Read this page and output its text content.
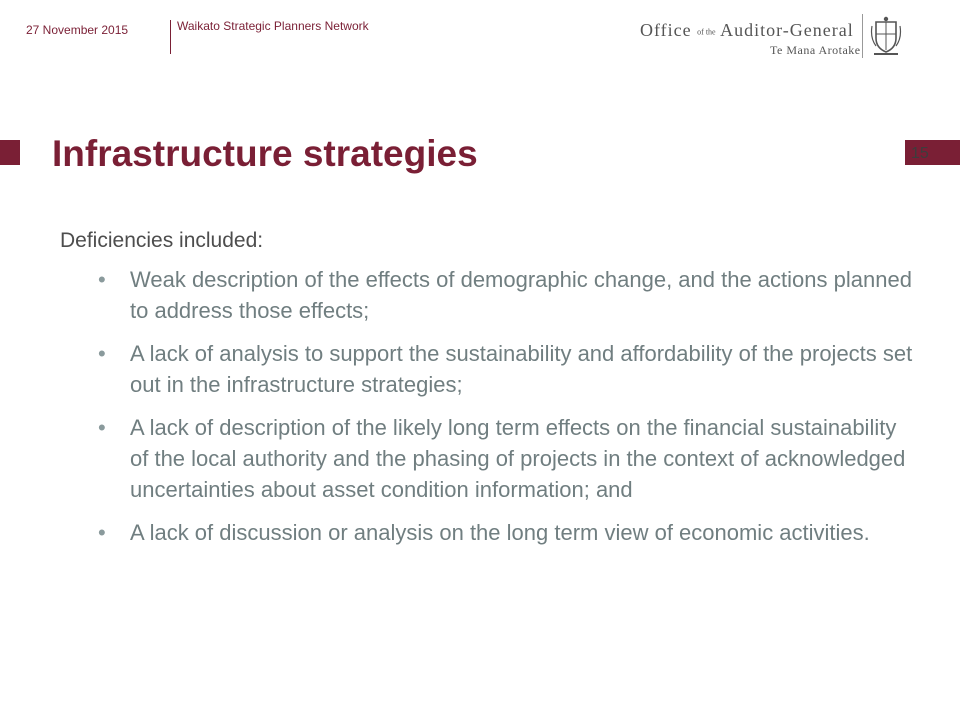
27 November 2015	Waikato Strategic Planners Network	Office of the Auditor-General
Te Mana Arotake
Infrastructure strategies	15

Deficiencies included:

• Weak description of the effects of demographic change, and the actions planned to address those effects;
• A lack of analysis to support the sustainability and affordability of the projects set out in the infrastructure strategies;
• A lack of description of the likely long term effects on the financial sustainability of the local authority and the phasing of projects in the context of acknowledged uncertainties about asset condition information; and
• A lack of discussion or analysis on the long term view of economic activities.
